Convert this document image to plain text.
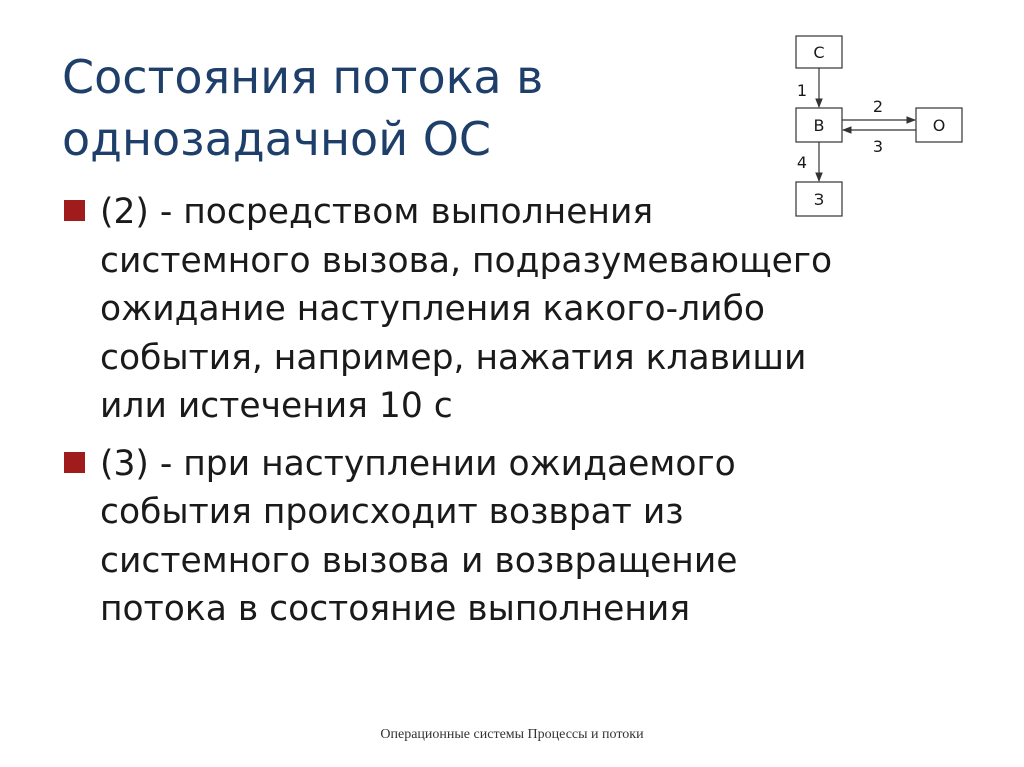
Состояния потока в
однозадачной ОС
(2) - посредством выполнения
системного вызова, подразумевающего
ожидание наступления какого-либо
события, например, нажатия клавиши
или истечения 10 с
(3) - при наступлении ожидаемого
события происходит возврат из
системного вызова и возвращение
потока в состояние выполнения
С
В	О
З
1
2
3
4
Операционные системы Процессы и потоки
